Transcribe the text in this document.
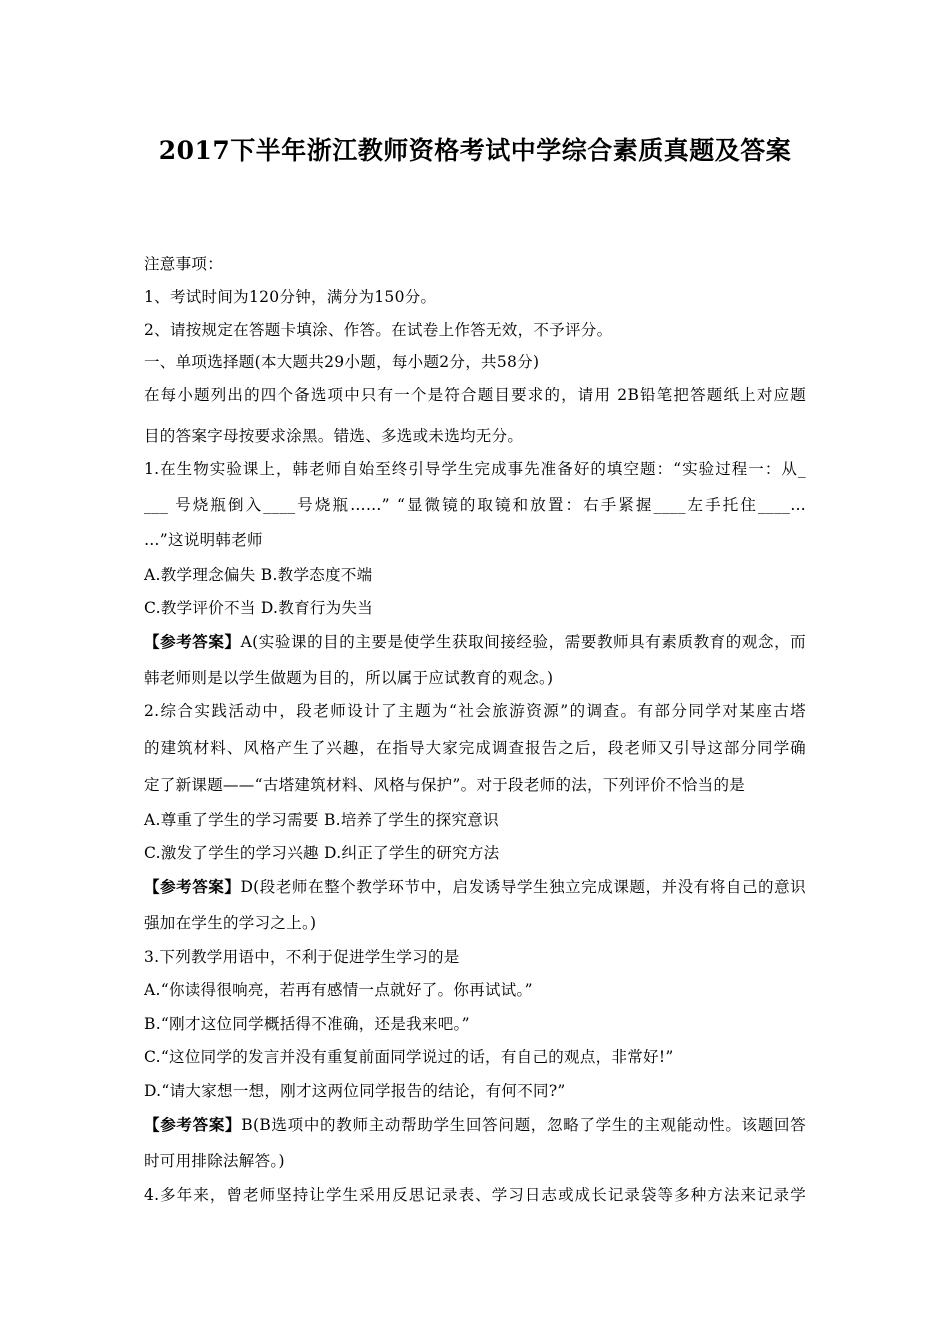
2017下半年浙江教师资格考试中学综合素质真题及答案
注意事项：
1、考试时间为120分钟，满分为150分。
2、请按规定在答题卡填涂、作答。在试卷上作答无效，不予评分。
一、单项选择题(本大题共29小题，每小题2分，共58分)
在每小题列出的四个备选项中只有一个是符合题目要求的，请用 2B铅笔把答题纸上对应题
目的答案字母按要求涂黑。错选、多选或未选均无分。
1.在生物实验课上，韩老师自始至终引导学生完成事先准备好的填空题：“实验过程一：从_
___ 号烧瓶倒入____号烧瓶……” “显微镜的取镜和放置：右手紧握____左手托住____…
…”这说明韩老师
A.教学理念偏失 B.教学态度不端
C.教学评价不当 D.教育行为失当
【参考答案】A(实验课的目的主要是使学生获取间接经验，需要教师具有素质教育的观念，而
韩老师则是以学生做题为目的，所以属于应试教育的观念。)
2.综合实践活动中，段老师设计了主题为“社会旅游资源”的调查。有部分同学对某座古塔
的建筑材料、风格产生了兴趣，在指导大家完成调查报告之后，段老师又引导这部分同学确
定了新课题——“古塔建筑材料、风格与保护”。对于段老师的法，下列评价不恰当的是
A.尊重了学生的学习需要 B.培养了学生的探究意识
C.激发了学生的学习兴趣 D.纠正了学生的研究方法
【参考答案】D(段老师在整个教学环节中，启发诱导学生独立完成课题，并没有将自己的意识
强加在学生的学习之上。)
3.下列教学用语中，不利于促进学生学习的是
A.“你读得很响亮，若再有感情一点就好了。你再试试。”
B.“刚才这位同学概括得不准确，还是我来吧。”
C.“这位同学的发言并没有重复前面同学说过的话，有自己的观点，非常好!”
D.“请大家想一想，刚才这两位同学报告的结论，有何不同?”
【参考答案】B(B选项中的教师主动帮助学生回答问题，忽略了学生的主观能动性。该题回答
时可用排除法解答。)
4.多年来，曾老师坚持让学生采用反思记录表、学习日志或成长记录袋等多种方法来记录学
